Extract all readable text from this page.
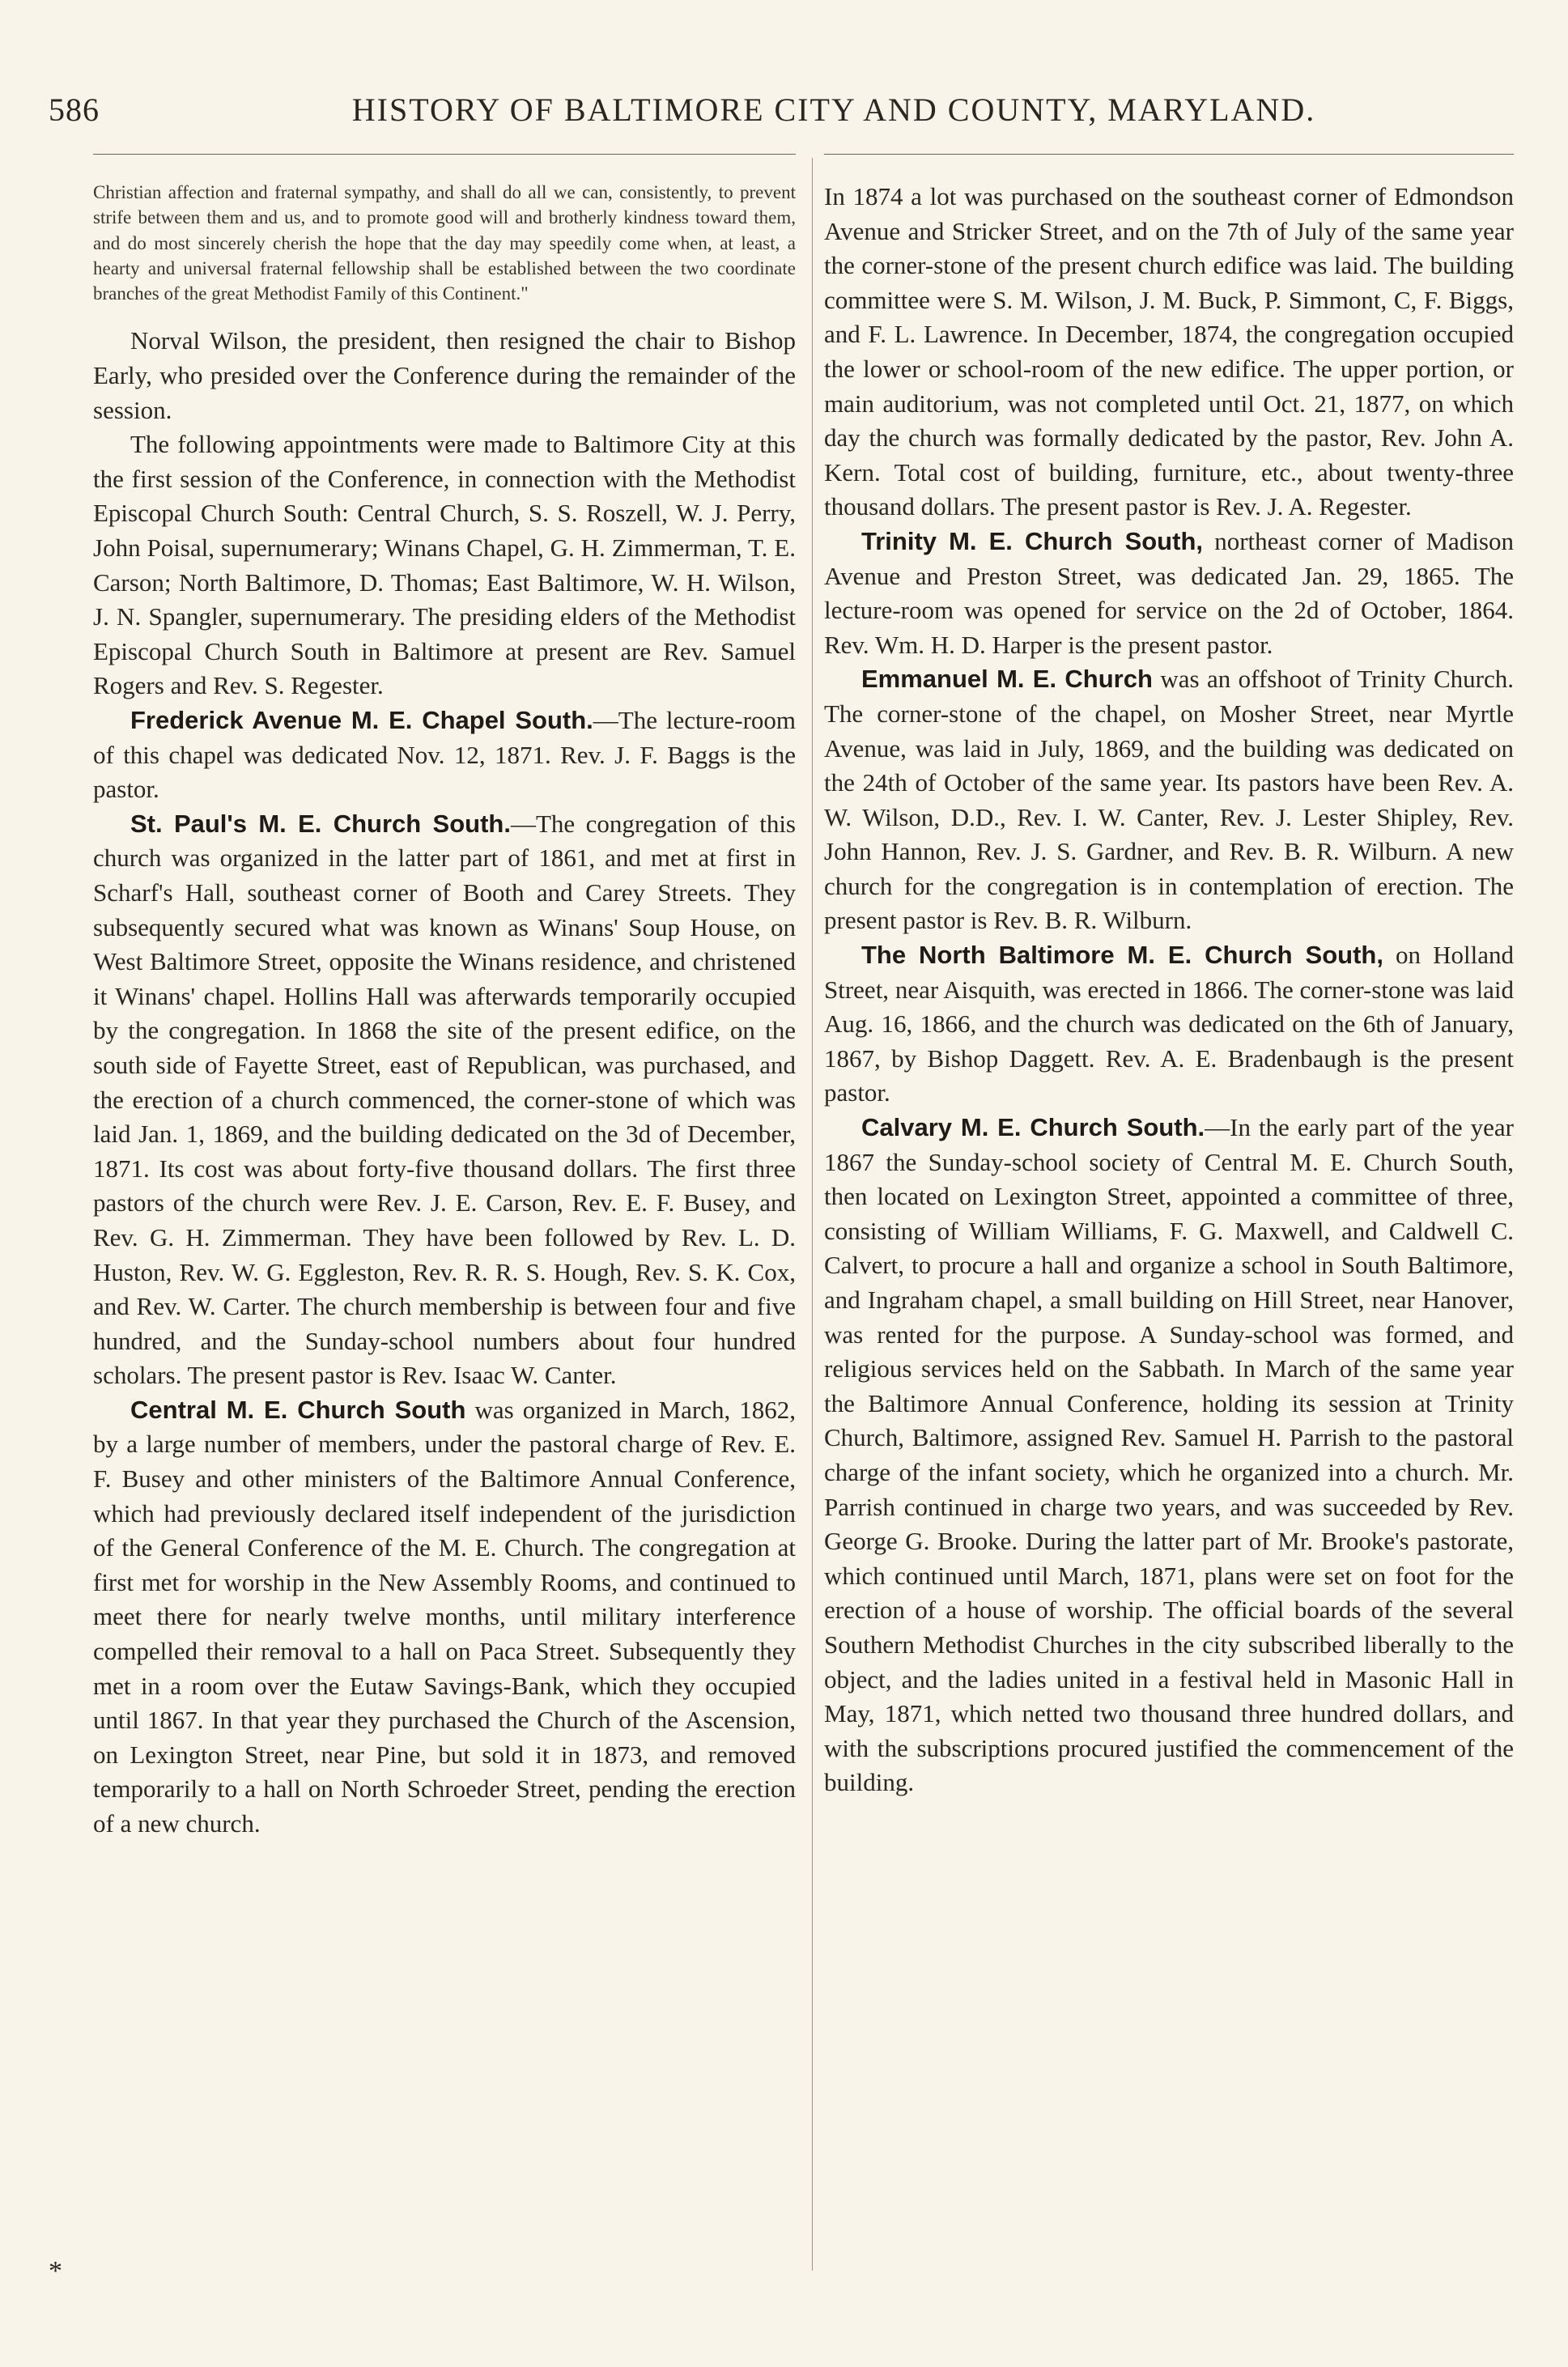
586	HISTORY OF BALTIMORE CITY AND COUNTY, MARYLAND.

Christian affection and fraternal sympathy, and shall do all we can, consistently, to prevent strife between them and us, and to promote good will and brotherly kindness toward them, and do most sincerely cherish the hope that the day may speedily come when, at least, a hearty and universal fraternal fellowship shall be established between the two coordinate branches of the great Methodist Family of this Continent."

Norval Wilson, the president, then resigned the chair to Bishop Early, who presided over the Conference during the remainder of the session.

The following appointments were made to Baltimore City at this the first session of the Conference, in connection with the Methodist Episcopal Church South: Central Church, S. S. Roszell, W. J. Perry, John Poisal, supernumerary; Winans Chapel, G. H. Zimmerman, T. E. Carson; North Baltimore, D. Thomas; East Baltimore, W. H. Wilson, J. N. Spangler, supernumerary. The presiding elders of the Methodist Episcopal Church South in Baltimore at present are Rev. Samuel Rogers and Rev. S. Regester.

Frederick Avenue M. E. Chapel South.—The lecture-room of this chapel was dedicated Nov. 12, 1871. Rev. J. F. Baggs is the pastor.

St. Paul's M. E. Church South.—The congregation of this church was organized in the latter part of 1861, and met at first in Scharf's Hall, southeast corner of Booth and Carey Streets. They subsequently secured what was known as Winans' Soup House, on West Baltimore Street, opposite the Winans residence, and christened it Winans' chapel. Hollins Hall was afterwards temporarily occupied by the congregation. In 1868 the site of the present edifice, on the south side of Fayette Street, east of Republican, was purchased, and the erection of a church commenced, the corner-stone of which was laid Jan. 1, 1869, and the building dedicated on the 3d of December, 1871. Its cost was about forty-five thousand dollars. The first three pastors of the church were Rev. J. E. Carson, Rev. E. F. Busey, and Rev. G. H. Zimmerman. They have been followed by Rev. L. D. Huston, Rev. W. G. Eggleston, Rev. R. R. S. Hough, Rev. S. K. Cox, and Rev. W. Carter. The church membership is between four and five hundred, and the Sunday-school numbers about four hundred scholars. The present pastor is Rev. Isaac W. Canter.

Central M. E. Church South was organized in March, 1862, by a large number of members, under the pastoral charge of Rev. E. F. Busey and other ministers of the Baltimore Annual Conference, which had previously declared itself independent of the jurisdiction of the General Conference of the M. E. Church. The congregation at first met for worship in the New Assembly Rooms, and continued to meet there for nearly twelve months, until military interference compelled their removal to a hall on Paca Street. Subsequently they met in a room over the Eutaw Savings-Bank, which they occupied until 1867. In that year they purchased the Church of the Ascension, on Lexington Street, near Pine, but sold it in 1873, and removed temporarily to a hall on North Schroeder Street, pending the erection of a new church.

In 1874 a lot was purchased on the southeast corner of Edmondson Avenue and Stricker Street, and on the 7th of July of the same year the corner-stone of the present church edifice was laid. The building committee were S. M. Wilson, J. M. Buck, P. Simmont, C, F. Biggs, and F. L. Lawrence. In December, 1874, the congregation occupied the lower or school-room of the new edifice. The upper portion, or main auditorium, was not completed until Oct. 21, 1877, on which day the church was formally dedicated by the pastor, Rev. John A. Kern. Total cost of building, furniture, etc., about twenty-three thousand dollars. The present pastor is Rev. J. A. Regester.

Trinity M. E. Church South, northeast corner of Madison Avenue and Preston Street, was dedicated Jan. 29, 1865. The lecture-room was opened for service on the 2d of October, 1864. Rev. Wm. H. D. Harper is the present pastor.

Emmanuel M. E. Church was an offshoot of Trinity Church. The corner-stone of the chapel, on Mosher Street, near Myrtle Avenue, was laid in July, 1869, and the building was dedicated on the 24th of October of the same year. Its pastors have been Rev. A. W. Wilson, D.D., Rev. I. W. Canter, Rev. J. Lester Shipley, Rev. John Hannon, Rev. J. S. Gardner, and Rev. B. R. Wilburn. A new church for the congregation is in contemplation of erection. The present pastor is Rev. B. R. Wilburn.

The North Baltimore M. E. Church South, on Holland Street, near Aisquith, was erected in 1866. The corner-stone was laid Aug. 16, 1866, and the church was dedicated on the 6th of January, 1867, by Bishop Daggett. Rev. A. E. Bradenbaugh is the present pastor.

Calvary M. E. Church South.—In the early part of the year 1867 the Sunday-school society of Central M. E. Church South, then located on Lexington Street, appointed a committee of three, consisting of William Williams, F. G. Maxwell, and Caldwell C. Calvert, to procure a hall and organize a school in South Baltimore, and Ingraham chapel, a small building on Hill Street, near Hanover, was rented for the purpose. A Sunday-school was formed, and religious services held on the Sabbath. In March of the same year the Baltimore Annual Conference, holding its session at Trinity Church, Baltimore, assigned Rev. Samuel H. Parrish to the pastoral charge of the infant society, which he organized into a church. Mr. Parrish continued in charge two years, and was succeeded by Rev. George G. Brooke. During the latter part of Mr. Brooke's pastorate, which continued until March, 1871, plans were set on foot for the erection of a house of worship. The official boards of the several Southern Methodist Churches in the city subscribed liberally to the object, and the ladies united in a festival held in Masonic Hall in May, 1871, which netted two thousand three hundred dollars, and with the subscriptions procured justified the commencement of the building.

*
